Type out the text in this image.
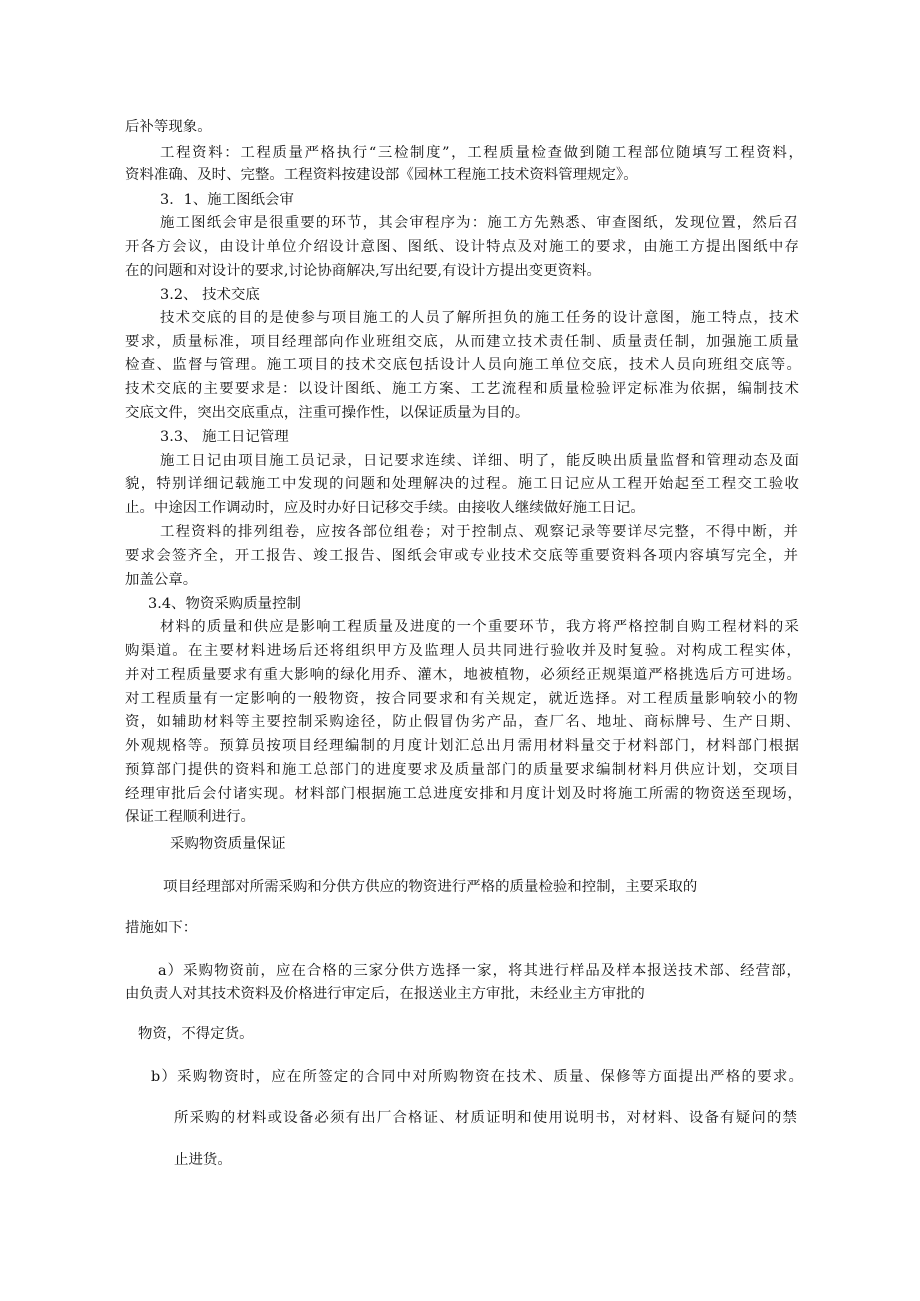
后补等现象。

工程资料：工程质量严格执行“三检制度”，工程质量检查做到随工程部位随填写工程资料，

资料准确、及时、完整。工程资料按建设部《园林工程施工技术资料管理规定》。

3．1、施工图纸会审

施工图纸会审是很重要的环节，其会审程序为：施工方先熟悉、审查图纸，发现位置，然后召

开各方会议，由设计单位介绍设计意图、图纸、设计特点及对施工的要求，由施工方提出图纸中存

在的问题和对设计的要求,讨论协商解决,写出纪要,有设计方提出变更资料。

3.2、 技术交底

技术交底的目的是使参与项目施工的人员了解所担负的施工任务的设计意图，施工特点，技术

要求，质量标准，项目经理部向作业班组交底，从而建立技术责任制、质量责任制，加强施工质量

检查、监督与管理。施工项目的技术交底包括设计人员向施工单位交底，技术人员向班组交底等。

技术交底的主要要求是：以设计图纸、施工方案、工艺流程和质量检验评定标准为依据，编制技术

交底文件，突出交底重点，注重可操作性，以保证质量为目的。

3.3、 施工日记管理

施工日记由项目施工员记录，日记要求连续、详细、明了，能反映出质量监督和管理动态及面

貌，特别详细记载施工中发现的问题和处理解决的过程。施工日记应从工程开始起至工程交工验收

止。中途因工作调动时，应及时办好日记移交手续。由接收人继续做好施工日记。

工程资料的排列组卷，应按各部位组卷；对于控制点、观察记录等要详尽完整，不得中断，并

要求会签齐全，开工报告、竣工报告、图纸会审或专业技术交底等重要资料各项内容填写完全，并

加盖公章。

3.4、物资采购质量控制

材料的质量和供应是影响工程质量及进度的一个重要环节，我方将严格控制自购工程材料的采

购渠道。在主要材料进场后还将组织甲方及监理人员共同进行验收并及时复验。对构成工程实体，

并对工程质量要求有重大影响的绿化用乔、灌木，地被植物，必须经正规渠道严格挑选后方可进场。

对工程质量有一定影响的一般物资，按合同要求和有关规定，就近选择。对工程质量影响较小的物

资，如辅助材料等主要控制采购途径，防止假冒伪劣产品，查厂名、地址、商标牌号、生产日期、

外观规格等。预算员按项目经理编制的月度计划汇总出月需用材料量交于材料部门，材料部门根据

预算部门提供的资料和施工总部门的进度要求及质量部门的质量要求编制材料月供应计划，交项目

经理审批后会付诸实现。材料部门根据施工总进度安排和月度计划及时将施工所需的物资送至现场，

保证工程顺利进行。

采购物资质量保证

项目经理部对所需采购和分供方供应的物资进行严格的质量检验和控制，主要采取的

措施如下：

a）采购物资前，应在合格的三家分供方选择一家，将其进行样品及样本报送技术部、经营部，

由负责人对其技术资料及价格进行审定后，在报送业主方审批，未经业主方审批的

物资，不得定货。

b）采购物资时，应在所签定的合同中对所购物资在技术、质量、保修等方面提出严格的要求。

所采购的材料或设备必须有出厂合格证、材质证明和使用说明书，对材料、设备有疑问的禁

止进货。
